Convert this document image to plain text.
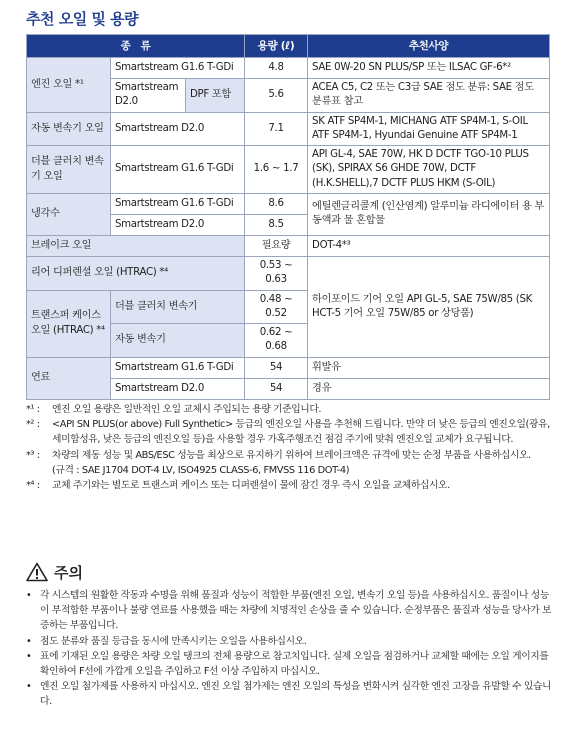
추천 오일 및 용량
종　류			용량 (ℓ)	추천사양
엔진 오일 *¹	Smartstream G1.6 T-GDi		4.8	SAE 0W-20 SN PLUS/SP 또는 ILSAC GF-6*²
	Smartstream D2.0	DPF 포함	5.6	ACEA C5, C2 또는 C3급 SAE 점도 분류: SAE 점도 분류표 참고
자동 변속기 오일	Smartstream D2.0		7.1	SK ATF SP4M-1, MICHANG ATF SP4M-1, S-OIL ATF SP4M-1, Hyundai Genuine ATF SP4M-1
더블 클러치 변속기 오일	Smartstream G1.6 T-GDi		1.6 ~ 1.7	API GL-4, SAE 70W, HK D DCTF TGO-10 PLUS (SK), SPIRAX S6 GHDE 70W, DCTF (H.K.SHELL),7 DCTF PLUS HKM (S-OIL)
냉각수	Smartstream G1.6 T-GDi		8.6	에틸렌글리콜계 (인산염계) 알루미늄 라디에이터 용 부동액과 물 혼합물
	Smartstream D2.0		8.5	
브레이크 오일			필요량	DOT-4*³
리어 디퍼렌셜 오일 (HTRAC) *⁴			0.53 ~ 0.63	하이포이드 기어 오일 API GL-5, SAE 75W/85 (SK HCT-5 기어 오일 75W/85 or 상당품)
트랜스퍼 케이스 오일 (HTRAC) *⁴	더블 클러치 변속기		0.48 ~ 0.52	
	자동 변속기		0.62 ~ 0.68	
연료	Smartstream G1.6 T-GDi		54	휘발유
	Smartstream D2.0		54	경유
*¹ :	엔진 오일 용량은 일반적인 오일 교체시 주입되는 용량 기준입니다.
*² :	<API SN PLUS(or above) Full Synthetic> 등급의 엔진오일 사용을 추천해 드립니다. 만약 더 낮은 등급의 엔진오일(광유, 세미합성유, 낮은 등급의 엔진오일 등)을 사용할 경우 가혹주행조건 점검 주기에 맞춰 엔진오일 교체가 요구됩니다.
*³ :	차량의 제동 성능 및 ABS/ESC 성능을 최상으로 유지하기 위하여 브레이크액은 규격에 맞는 순정 부품을 사용하십시오.
(규격 : SAE J1704 DOT-4 LV, ISO4925 CLASS-6, FMVSS 116 DOT-4)
*⁴ :	교체 주기와는 별도로 트랜스퍼 케이스 또는 디퍼렌셜이 물에 잠긴 경우 즉시 오일을 교체하십시오.
주의
• 각 시스템의 원활한 작동과 수명을 위해 품질과 성능이 적합한 부품(엔진 오일, 변속기 오일 등)을 사용하십시오. 품질이나 성능이 부적합한 부품이나 불량 연료를 사용했을 때는 차량에 치명적인 손상을 줄 수 있습니다. 순정부품은 품질과 성능을 당사가 보증하는 부품입니다.
• 점도 분류와 품질 등급을 동시에 만족시키는 오일을 사용하십시오.
• 표에 기재된 오일 용량은 차량 오일 탱크의 전체 용량으로 참고치입니다. 실제 오일을 점검하거나 교체할 때에는 오일 게이지를 확인하여 F선에 가깝게 오일을 주입하고 F선 이상 주입하지 마십시오.
• 엔진 오일 첨가제를 사용하지 마십시오. 엔진 오일 첨가제는 엔진 오일의 특성을 변화시켜 심각한 엔진 고장을 유발할 수 있습니다.
